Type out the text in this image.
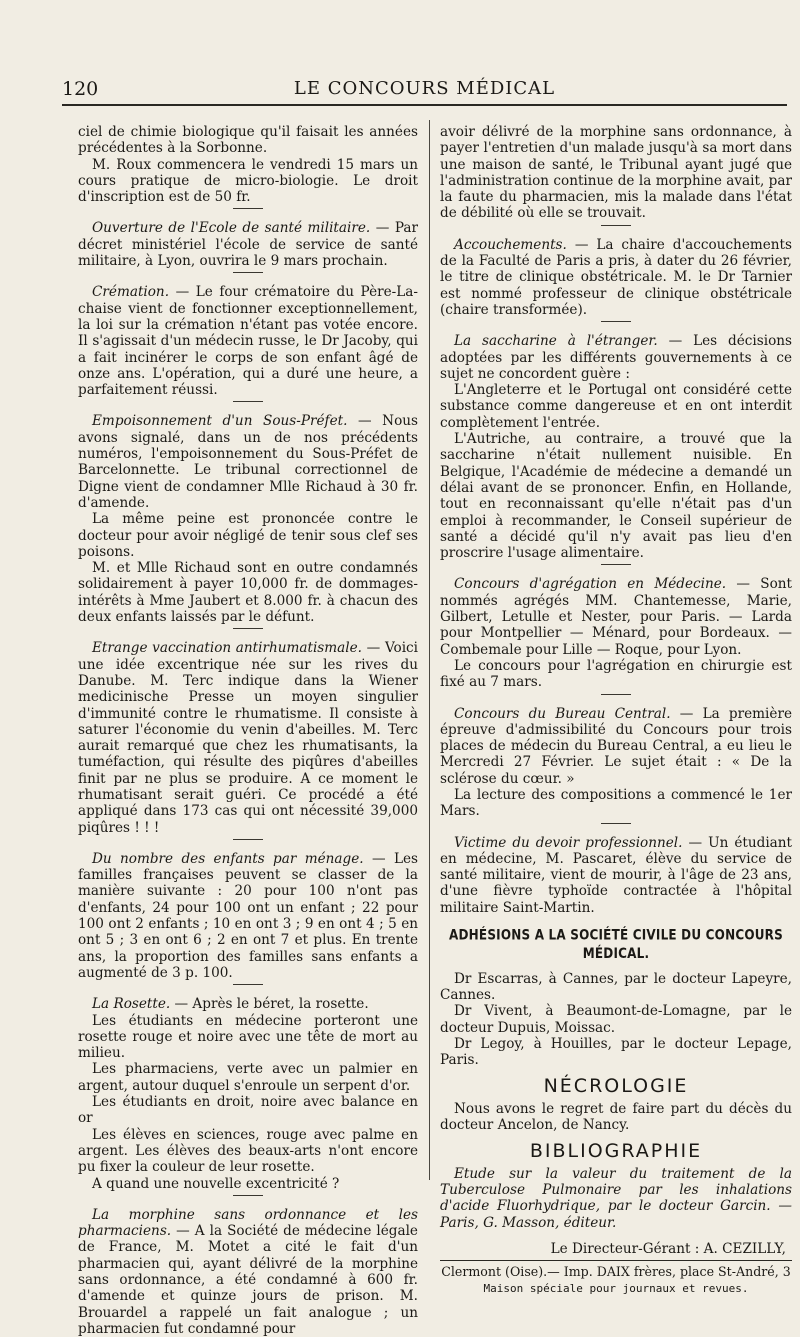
120	LE CONCOURS MÉDICAL

ciel de chimie biologique qu'il faisait les années précédentes à la Sorbonne.

M. Roux commencera le vendredi 15 mars un cours pratique de micro-biologie. Le droit d'inscription est de 50 fr.

Ouverture de l'Ecole de santé militaire. — Par décret ministériel l'école de service de santé militaire, à Lyon, ouvrira le 9 mars prochain.

Crémation. — Le four crématoire du Père-La-chaise vient de fonctionner exceptionnellement, la loi sur la crémation n'étant pas votée encore. Il s'agissait d'un médecin russe, le Dr Jacoby, qui a fait incinérer le corps de son enfant âgé de onze ans. L'opération, qui a duré une heure, a parfaitement réussi.

Empoisonnement d'un Sous-Préfet. — Nous avons signalé, dans un de nos précédents numéros, l'empoisonnement du Sous-Préfet de Barcelonnette. Le tribunal correctionnel de Digne vient de condamner Mlle Richaud à 30 fr. d'amende.

La même peine est prononcée contre le docteur pour avoir négligé de tenir sous clef ses poisons.

M. et Mlle Richaud sont en outre condamnés solidairement à payer 10,000 fr. de dommages-intérêts à Mme Jaubert et 8.000 fr. à chacun des deux enfants laissés par le défunt.

Etrange vaccination antirhumatismale. — Voici une idée excentrique née sur les rives du Danube. M. Terc indique dans la Wiener medicinische Presse un moyen singulier d'immunité contre le rhumatisme. Il consiste à saturer l'économie du venin d'abeilles. M. Terc aurait remarqué que chez les rhumatisants, la tuméfaction, qui résulte des piqûres d'abeilles finit par ne plus se produire. A ce moment le rhumatisant serait guéri. Ce procédé a été appliqué dans 173 cas qui ont nécessité 39,000 piqûres ! ! !

Du nombre des enfants par ménage. — Les familles françaises peuvent se classer de la manière suivante : 20 pour 100 n'ont pas d'enfants, 24 pour 100 ont un enfant ; 22 pour 100 ont 2 enfants ; 10 en ont 3 ; 9 en ont 4 ; 5 en ont 5 ; 3 en ont 6 ; 2 en ont 7 et plus. En trente ans, la proportion des familles sans enfants a augmenté de 3 p. 100.

La Rosette. — Après le béret, la rosette.

Les étudiants en médecine porteront une rosette rouge et noire avec une tête de mort au milieu.

Les pharmaciens, verte avec un palmier en argent, autour duquel s'enroule un serpent d'or.

Les étudiants en droit, noire avec balance en or

Les élèves en sciences, rouge avec palme en argent. Les élèves des beaux-arts n'ont encore pu fixer la couleur de leur rosette.

A quand une nouvelle excentricité ?

La morphine sans ordonnance et les pharmaciens. — A la Société de médecine légale de France, M. Motet a cité le fait d'un pharmacien qui, ayant délivré de la morphine sans ordonnance, a été condamné à 600 fr. d'amende et quinze jours de prison. M. Brouardel a rappelé un fait analogue ; un pharmacien fut condamné pour

avoir délivré de la morphine sans ordonnance, à payer l'entretien d'un malade jusqu'à sa mort dans une maison de santé, le Tribunal ayant jugé que l'administration continue de la morphine avait, par la faute du pharmacien, mis la malade dans l'état de débilité où elle se trouvait.

Accouchements. — La chaire d'accouchements de la Faculté de Paris a pris, à dater du 26 février, le titre de clinique obstétricale. M. le Dr Tarnier est nommé professeur de clinique obstétricale (chaire transformée).

La saccharine à l'étranger. — Les décisions adoptées par les différents gouvernements à ce sujet ne concordent guère :

L'Angleterre et le Portugal ont considéré cette substance comme dangereuse et en ont interdit complètement l'entrée.

L'Autriche, au contraire, a trouvé que la saccharine n'était nullement nuisible. En Belgique, l'Académie de médecine a demandé un délai avant de se prononcer. Enfin, en Hollande, tout en reconnaissant qu'elle n'était pas d'un emploi à recommander, le Conseil supérieur de santé a décidé qu'il n'y avait pas lieu d'en proscrire l'usage alimentaire.

Concours d'agrégation en Médecine. — Sont nommés agrégés MM. Chantemesse, Marie, Gilbert, Letulle et Nester, pour Paris. — Larda pour Montpellier — Ménard, pour Bordeaux. — Combemale pour Lille — Roque, pour Lyon.

Le concours pour l'agrégation en chirurgie est fixé au 7 mars.

Concours du Bureau Central. — La première épreuve d'admissibilité du Concours pour trois places de médecin du Bureau Central, a eu lieu le Mercredi 27 Février. Le sujet était : « De la sclérose du cœur. »

La lecture des compositions a commencé le 1er Mars.

Victime du devoir professionnel. — Un étudiant en médecine, M. Pascaret, élève du service de santé militaire, vient de mourir, à l'âge de 23 ans, d'une fièvre typhoïde contractée à l'hôpital militaire Saint-Martin.

ADHÉSIONS A LA SOCIÉTÉ CIVILE DU CONCOURS MÉDICAL.

Dr Escarras, à Cannes, par le docteur Lapeyre, Cannes.

Dr Vivent, à Beaumont-de-Lomagne, par le docteur Dupuis, Moissac.

Dr Legoy, à Houilles, par le docteur Lepage, Paris.

NÉCROLOGIE

Nous avons le regret de faire part du décès du docteur Ancelon, de Nancy.

BIBLIOGRAPHIE

Etude sur la valeur du traitement de la Tuberculose Pulmonaire par les inhalations d'acide Fluorhydrique, par le docteur Garcin. — Paris, G. Masson, éditeur.

Le Directeur-Gérant : A. CEZILLY,

Clermont (Oise).— Imp. DAIX frères, place St-André, 3

Maison spéciale pour journaux et revues.
